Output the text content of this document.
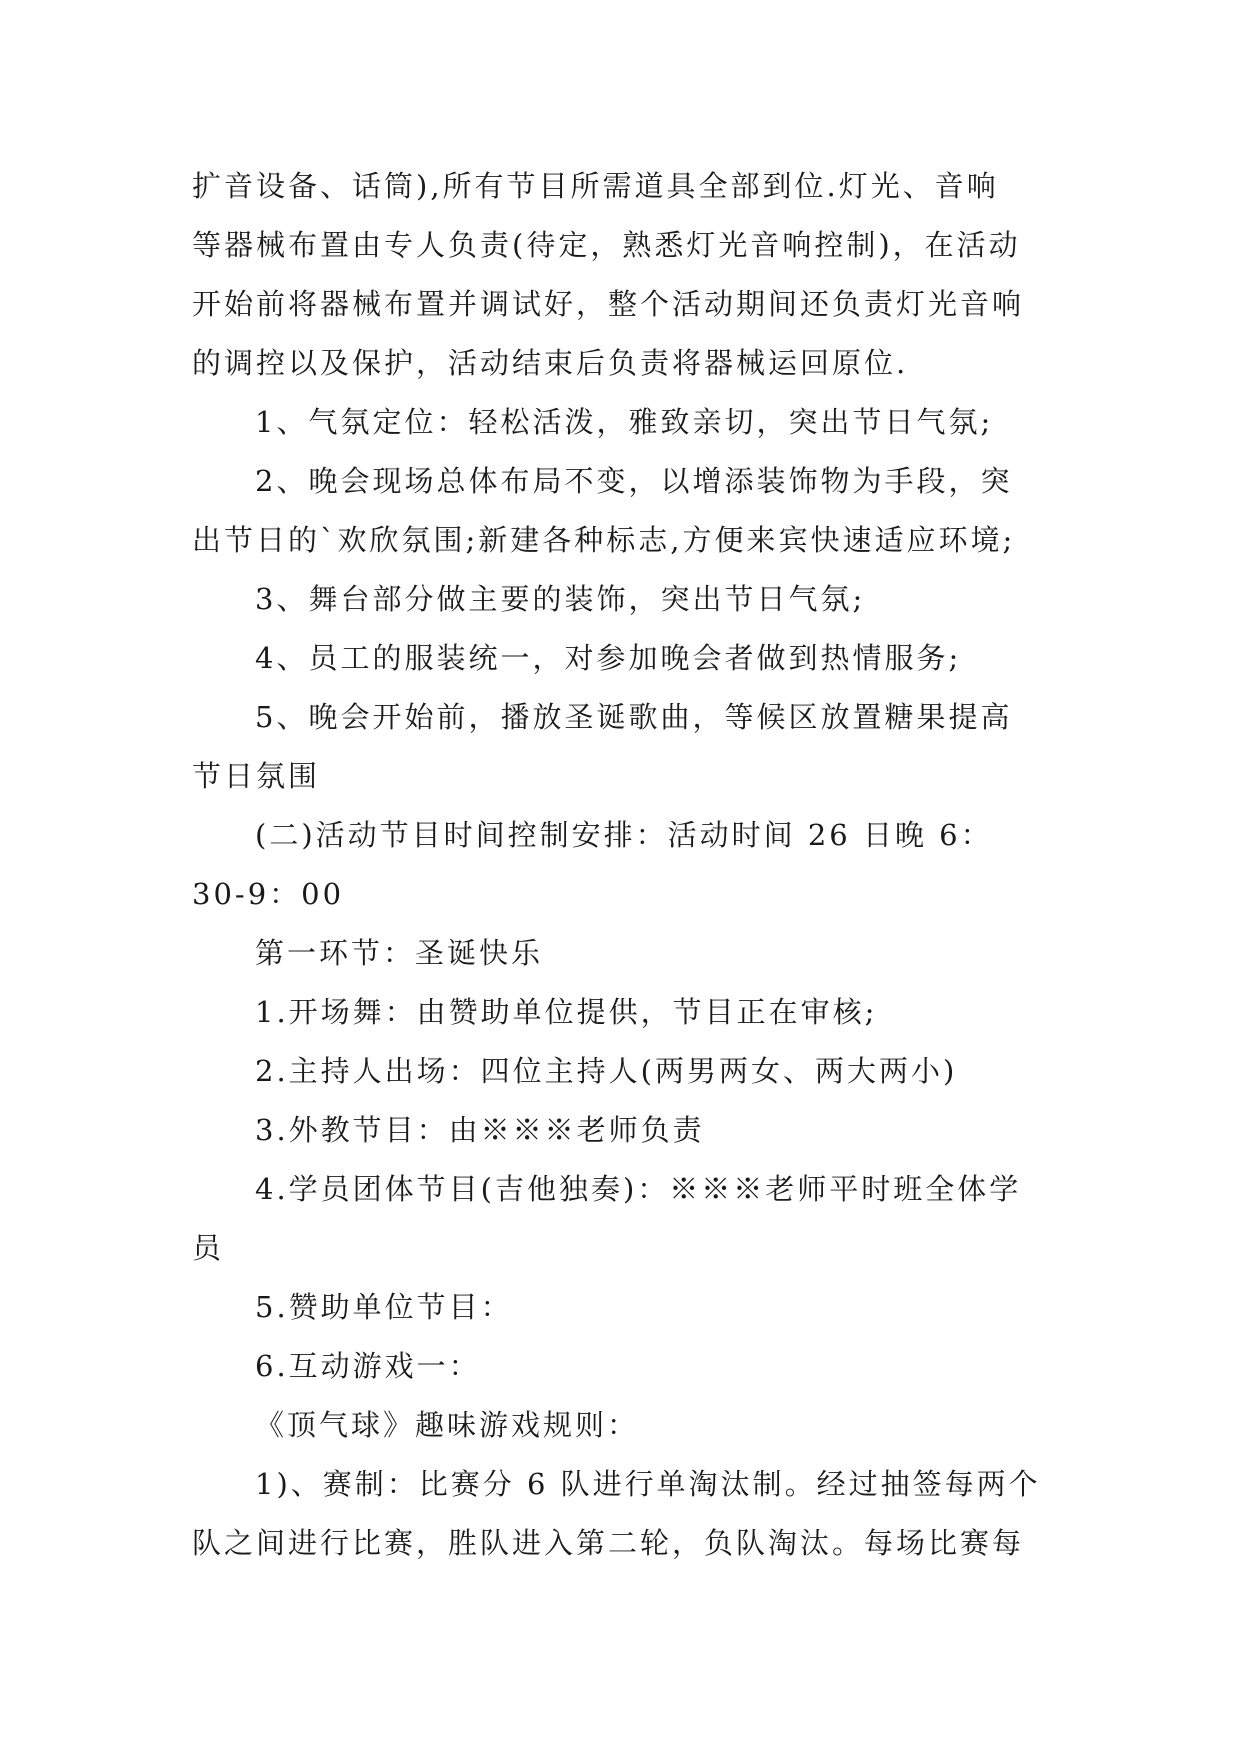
扩音设备、话筒),所有节目所需道具全部到位.灯光、音响
等器械布置由专人负责(待定，熟悉灯光音响控制)，在活动
开始前将器械布置并调试好，整个活动期间还负责灯光音响
的调控以及保护，活动结束后负责将器械运回原位.
1、气氛定位：轻松活泼，雅致亲切，突出节日气氛;
2、晚会现场总体布局不变，以增添装饰物为手段，突
出节日的`欢欣氛围;新建各种标志,方便来宾快速适应环境;
3、舞台部分做主要的装饰，突出节日气氛;
4、员工的服装统一，对参加晚会者做到热情服务;
5、晚会开始前，播放圣诞歌曲，等候区放置糖果提高
节日氛围
(二)活动节目时间控制安排：活动时间 26 日晚 6：
30-9：00
第一环节：圣诞快乐
1.开场舞：由赞助单位提供，节目正在审核;
2.主持人出场：四位主持人(两男两女、两大两小)
3.外教节目：由※※※老师负责
4.学员团体节目(吉他独奏)：※※※老师平时班全体学
员
5.赞助单位节目：
6.互动游戏一：
《顶气球》趣味游戏规则：
1)、赛制：比赛分 6 队进行单淘汰制。经过抽签每两个
队之间进行比赛，胜队进入第二轮，负队淘汰。每场比赛每
